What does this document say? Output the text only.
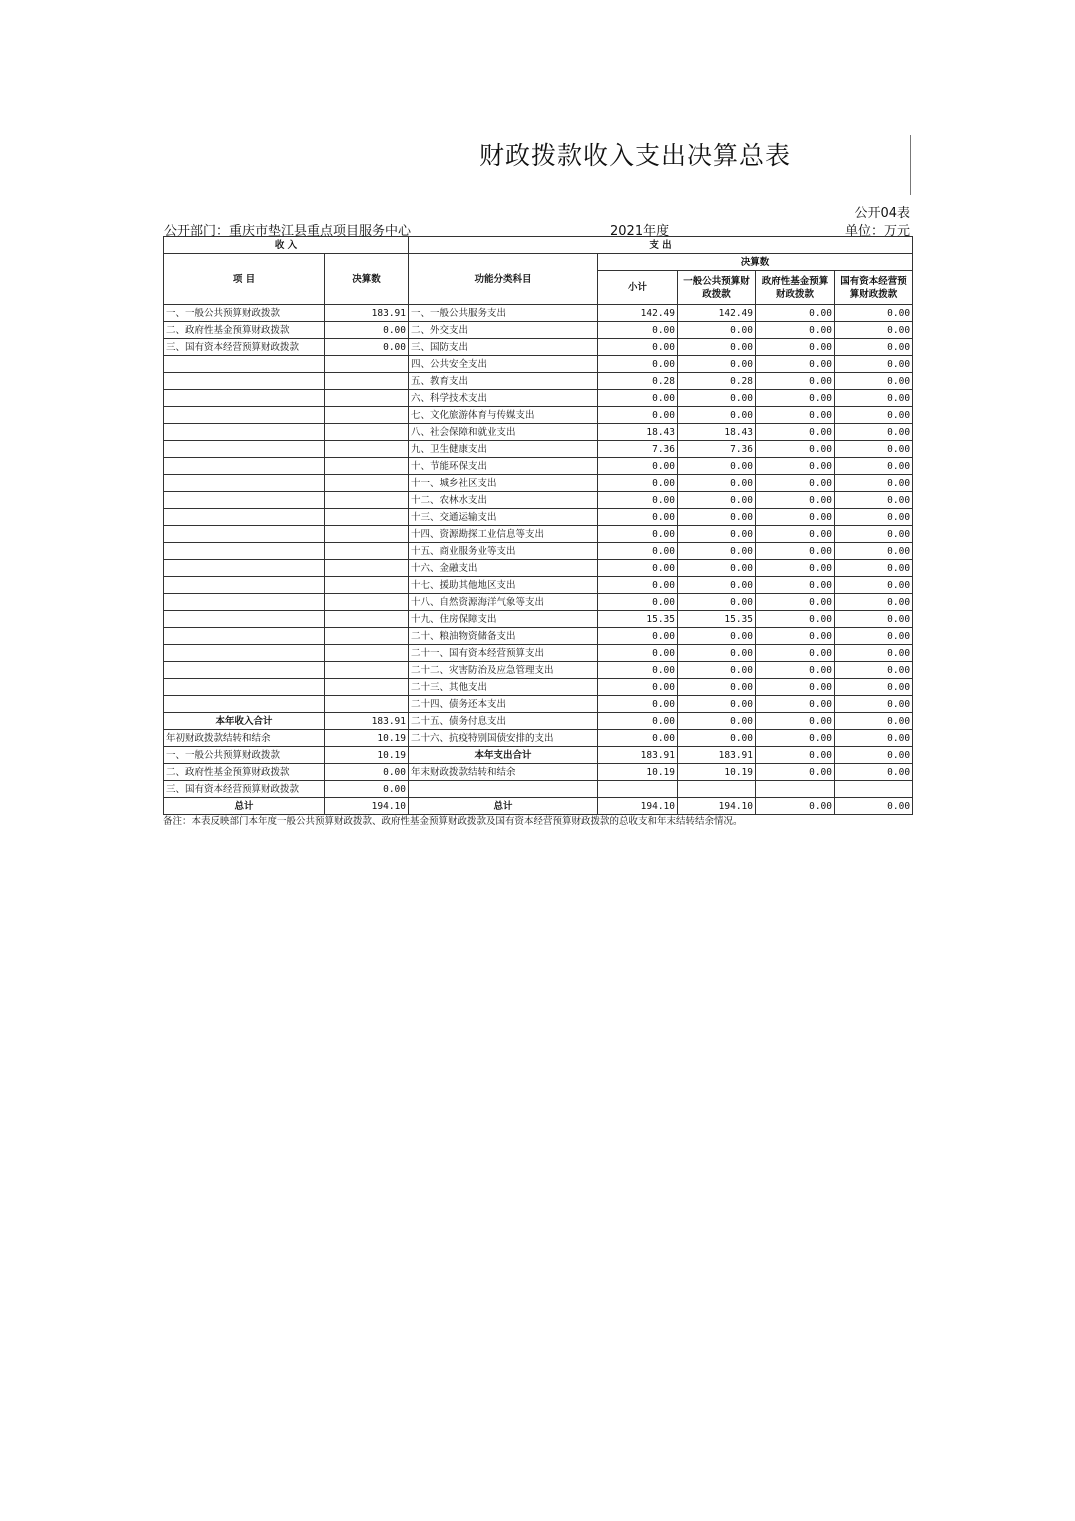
财政拨款收入支出决算总表
公开04表
公开部门：重庆市垫江县重点项目服务中心	2021年度	单位：万元
收 入		支 出				
项 目	决算数	功能分类科目	决算数			
			小计	一般公共预算财政拨款	政府性基金预算财政拨款	国有资本经营预算财政拨款
一、一般公共预算财政拨款	183.91	一、一般公共服务支出	142.49	142.49	0.00	0.00
二、政府性基金预算财政拨款	0.00	二、外交支出	0.00	0.00	0.00	0.00
三、国有资本经营预算财政拨款	0.00	三、国防支出	0.00	0.00	0.00	0.00
		四、公共安全支出	0.00	0.00	0.00	0.00
		五、教育支出	0.28	0.28	0.00	0.00
		六、科学技术支出	0.00	0.00	0.00	0.00
		七、文化旅游体育与传媒支出	0.00	0.00	0.00	0.00
		八、社会保障和就业支出	18.43	18.43	0.00	0.00
		九、卫生健康支出	7.36	7.36	0.00	0.00
		十、节能环保支出	0.00	0.00	0.00	0.00
		十一、城乡社区支出	0.00	0.00	0.00	0.00
		十二、农林水支出	0.00	0.00	0.00	0.00
		十三、交通运输支出	0.00	0.00	0.00	0.00
		十四、资源勘探工业信息等支出	0.00	0.00	0.00	0.00
		十五、商业服务业等支出	0.00	0.00	0.00	0.00
		十六、金融支出	0.00	0.00	0.00	0.00
		十七、援助其他地区支出	0.00	0.00	0.00	0.00
		十八、自然资源海洋气象等支出	0.00	0.00	0.00	0.00
		十九、住房保障支出	15.35	15.35	0.00	0.00
		二十、粮油物资储备支出	0.00	0.00	0.00	0.00
		二十一、国有资本经营预算支出	0.00	0.00	0.00	0.00
		二十二、灾害防治及应急管理支出	0.00	0.00	0.00	0.00
		二十三、其他支出	0.00	0.00	0.00	0.00
		二十四、债务还本支出	0.00	0.00	0.00	0.00
本年收入合计	183.91	二十五、债务付息支出	0.00	0.00	0.00	0.00
年初财政拨款结转和结余	10.19	二十六、抗疫特别国债安排的支出	0.00	0.00	0.00	0.00
一、一般公共预算财政拨款	10.19	本年支出合计	183.91	183.91	0.00	0.00
二、政府性基金预算财政拨款	0.00	年末财政拨款结转和结余	10.19	10.19	0.00	0.00
三、国有资本经营预算财政拨款	0.00					
总计	194.10	总计	194.10	194.10	0.00	0.00
备注：本表反映部门本年度一般公共预算财政拨款、政府性基金预算财政拨款及国有资本经营预算财政拨款的总收支和年末结转结余情况。
